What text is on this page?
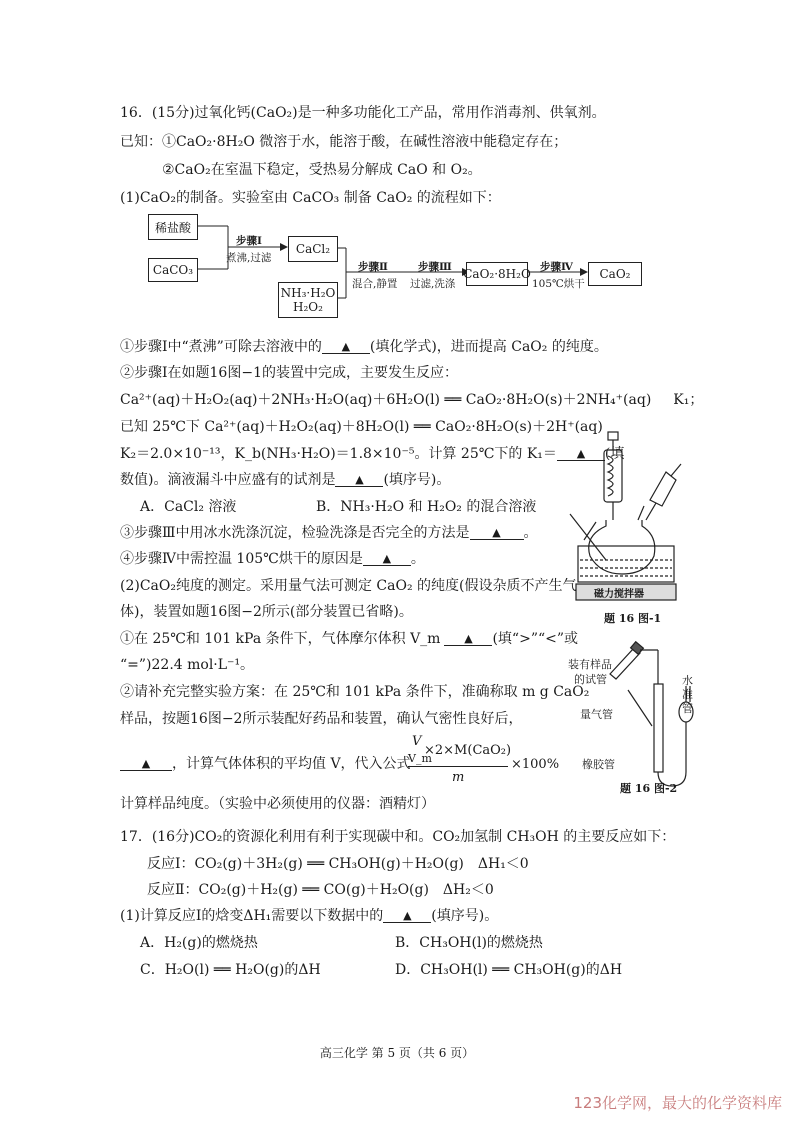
16．(15分)过氧化钙(CaO₂)是一种多功能化工产品，常用作消毒剂、供氧剂。
已知：①CaO₂·8H₂O 微溶于水，能溶于酸，在碱性溶液中能稳定存在；
②CaO₂在室温下稳定，受热易分解成 CaO 和 O₂。
(1)CaO₂的制备。实验室由 CaCO₃ 制备 CaO₂ 的流程如下：
稀盐酸
CaCO₃
CaCl₂
NH₃·H₂O
H₂O₂
CaO₂·8H₂O	CaO₂
步骤Ⅰ
煮沸,过滤
步骤Ⅱ
混合,静置
步骤Ⅲ
过滤,洗涤
步骤Ⅳ
105℃烘干
①步骤Ⅰ中“煮沸”可除去溶液中的 ▲ (填化学式)，进而提高 CaO₂ 的纯度。
②步骤Ⅰ在如题16图−1的装置中完成，主要发生反应：
Ca²⁺(aq)＋H₂O₂(aq)＋2NH₃·H₂O(aq)＋6H₂O(l) ══ CaO₂·8H₂O(s)＋2NH₄⁺(aq) K₁；
已知 25℃下 Ca²⁺(aq)＋H₂O₂(aq)＋8H₂O(l) ══ CaO₂·8H₂O(s)＋2H⁺(aq)
K₂＝2.0×10⁻¹³，K_b(NH₃·H₂O)＝1.8×10⁻⁵。计算 25℃下的 K₁＝ ▲ (填
数值)。滴液漏斗中应盛有的试剂是 ▲ (填序号)。
A．CaCl₂ 溶液	B．NH₃·H₂O 和 H₂O₂ 的混合溶液
③步骤Ⅲ中用冰水洗涤沉淀，检验洗涤是否完全的方法是 ▲ 。
④步骤Ⅳ中需控温 105℃烘干的原因是 ▲ 。
(2)CaO₂纯度的测定。采用量气法可测定 CaO₂ 的纯度(假设杂质不产生气
体)，装置如题16图−2所示(部分装置已省略)。
①在 25℃和 101 kPa 条件下，气体摩尔体积 V_m ▲ (填“>”“<”或
“=”)22.4 mol·L⁻¹。
②请补充完整实验方案：在 25℃和 101 kPa 条件下，准确称取 m g CaO₂
样品，按题16图−2所示装配好药品和装置，确认气密性良好后，
▲ ，计算气体体积的平均值 V，代入公式
V
×2×M(CaO₂)
V_m
m
×100%
计算样品纯度。（实验中必须使用的仪器：酒精灯）
磁力搅拌器
题 16 图-1
装有样品
的试管	水
准
管
量气管
橡胶管
题 16 图-2
17．(16分)CO₂的资源化利用有利于实现碳中和。CO₂加氢制 CH₃OH 的主要反应如下：
反应Ⅰ：CO₂(g)＋3H₂(g) ══ CH₃OH(g)＋H₂O(g)　ΔH₁＜0
反应Ⅱ：CO₂(g)＋H₂(g) ══ CO(g)＋H₂O(g)　ΔH₂＜0
(1)计算反应Ⅰ的焓变ΔH₁需要以下数据中的 ▲ (填序号)。
A．H₂(g)的燃烧热	B．CH₃OH(l)的燃烧热
C．H₂O(l) ══ H₂O(g)的ΔH	D．CH₃OH(l) ══ CH₃OH(g)的ΔH
高三化学 第 5 页（共 6 页）
123化学网，最大的化学资料库
